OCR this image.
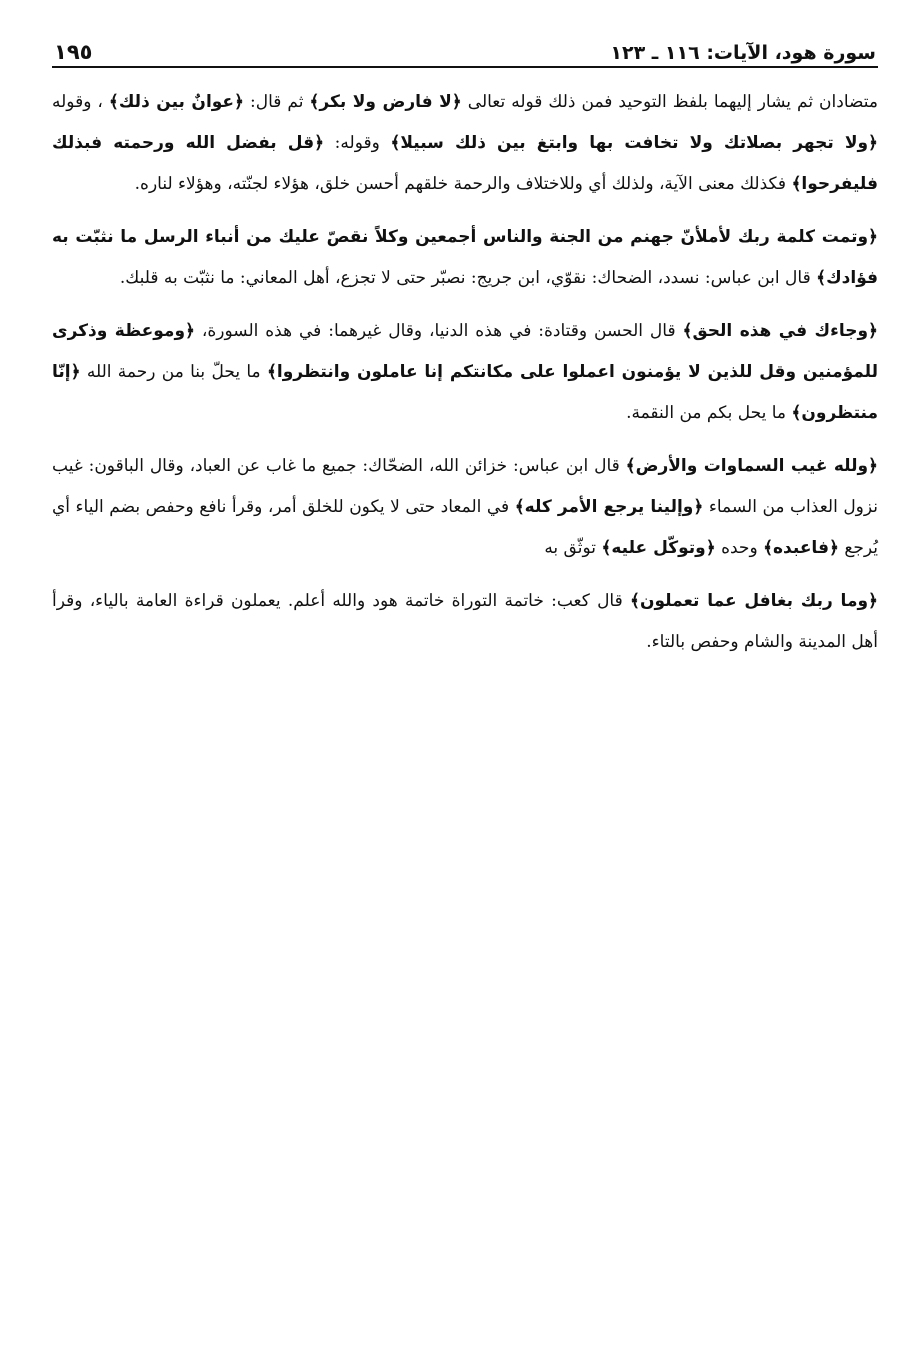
سورة هود، الآيات: ١١٦ ـ ١٢٣
١٩٥

متضادان ثم يشار إليهما بلفظ التوحيد فمن ذلك قوله تعالى ﴿لا فارض ولا بكر﴾ ثم قال: ﴿عوانٌ بين ذلك﴾ ، وقوله ﴿ولا تجهر بصلاتك ولا تخافت بها وابتغ بين ذلك سبيلا﴾ وقوله: ﴿قل بفضل الله ورحمته فبذلك فليفرحوا﴾ فكذلك معنى الآية، ولذلك أي وللاختلاف والرحمة خلقهم أحسن خلق، هؤلاء لجنّته، وهؤلاء لناره.

﴿وتمت كلمة ربك لأملأنّ جهنم من الجنة والناس أجمعين وكلاً نقصّ عليك من أنباء الرسل ما نثبّت به فؤادك﴾ قال ابن عباس: نسدد، الضحاك: نقوّي، ابن جريج: نصبّر حتى لا تجزع، أهل المعاني: ما نثبّت به قلبك.

﴿وجاءك في هذه الحق﴾ قال الحسن وقتادة: في هذه الدنيا، وقال غيرهما: في هذه السورة، ﴿وموعظة وذكرى للمؤمنين وقل للذين لا يؤمنون اعملوا على مكانتكم إنا عاملون وانتظروا﴾ ما يحلّ بنا من رحمة الله ﴿إنّا منتظرون﴾ ما يحل بكم من النقمة.

﴿ولله غيب السماوات والأرض﴾ قال ابن عباس: خزائن الله، الضحّاك: جميع ما غاب عن العباد، وقال الباقون: غيب نزول العذاب من السماء ﴿وإلينا يرجع الأمر كله﴾ في المعاد حتى لا يكون للخلق أمر، وقرأ نافع وحفص بضم الياء أي يُرجع ﴿فاعبده﴾ وحده ﴿وتوكّل عليه﴾ توثّق به

﴿وما ربك بغافل عما تعملون﴾ قال كعب: خاتمة التوراة خاتمة هود والله أعلم. يعملون قراءة العامة بالياء، وقرأ أهل المدينة والشام وحفص بالتاء.
